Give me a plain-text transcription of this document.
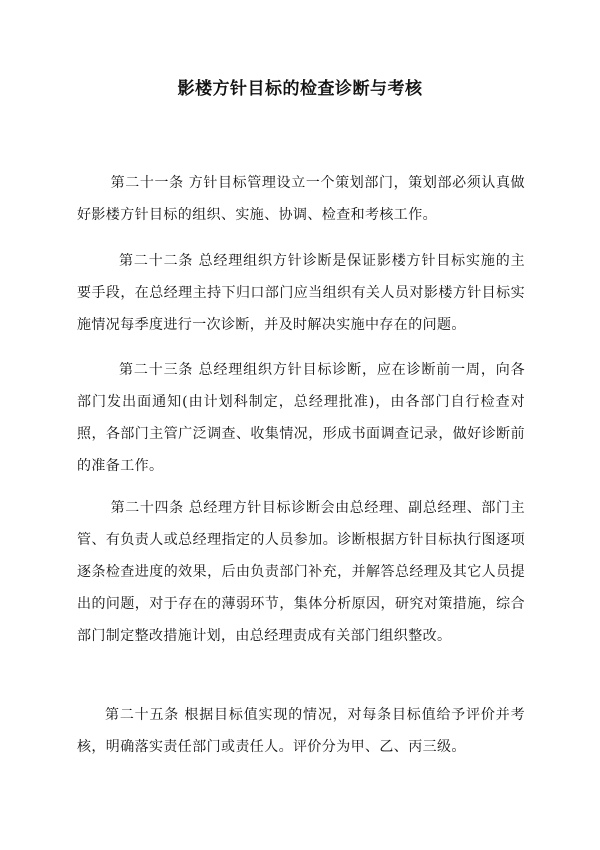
影楼方针目标的检查诊断与考核

第二十一条 方针目标管理设立一个策划部门，策划部必须认真做好影楼方针目标的组织、实施、协调、检查和考核工作。

第二十二条 总经理组织方针诊断是保证影楼方针目标实施的主要手段，在总经理主持下归口部门应当组织有关人员对影楼方针目标实施情况每季度进行一次诊断，并及时解决实施中存在的问题。

第二十三条 总经理组织方针目标诊断，应在诊断前一周，向各部门发出面通知(由计划科制定，总经理批准)，由各部门自行检查对照，各部门主管广泛调查、收集情况，形成书面调查记录，做好诊断前的准备工作。

第二十四条 总经理方针目标诊断会由总经理、副总经理、部门主管、有负责人或总经理指定的人员参加。诊断根据方针目标执行图逐项逐条检查进度的效果，后由负责部门补充，并解答总经理及其它人员提出的问题，对于存在的薄弱环节，集体分析原因，研究对策措施，综合部门制定整改措施计划，由总经理责成有关部门组织整改。

第二十五条 根据目标值实现的情况，对每条目标值给予评价并考核，明确落实责任部门或责任人。评价分为甲、乙、丙三级。
